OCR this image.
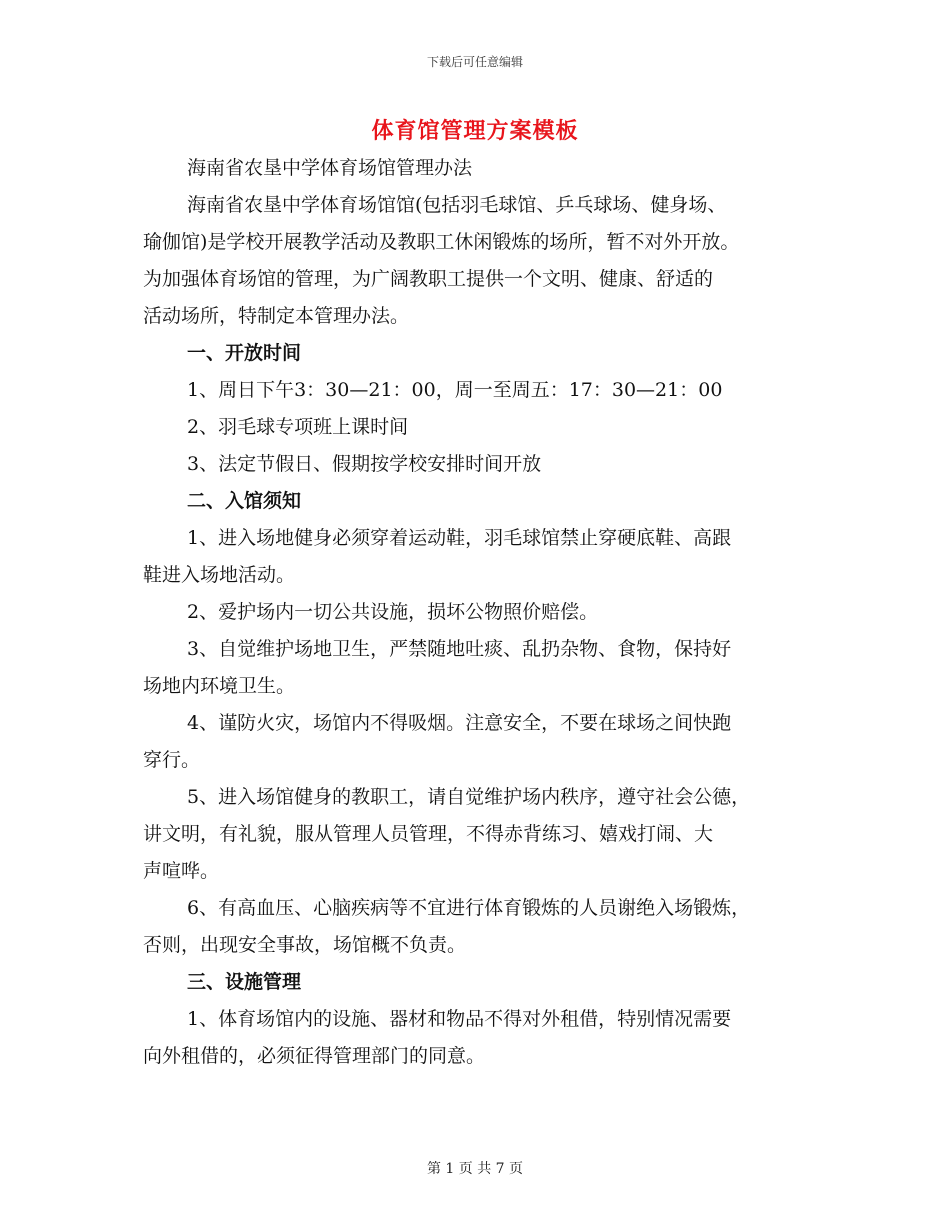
下载后可任意编辑
体育馆管理方案模板
海南省农垦中学体育场馆管理办法
海南省农垦中学体育场馆馆(包括羽毛球馆、乒乓球场、健身场、
瑜伽馆)是学校开展教学活动及教职工休闲锻炼的场所，暂不对外开放。
为加强体育场馆的管理，为广阔教职工提供一个文明、健康、舒适的
活动场所，特制定本管理办法。
一、开放时间
1、周日下午3：30—21：00，周一至周五：17：30—21：00
2、羽毛球专项班上课时间
3、法定节假日、假期按学校安排时间开放
二、入馆须知
1、进入场地健身必须穿着运动鞋，羽毛球馆禁止穿硬底鞋、高跟
鞋进入场地活动。
2、爱护场内一切公共设施，损坏公物照价赔偿。
3、自觉维护场地卫生，严禁随地吐痰、乱扔杂物、食物，保持好
场地内环境卫生。
4、谨防火灾，场馆内不得吸烟。注意安全，不要在球场之间快跑
穿行。
5、进入场馆健身的教职工，请自觉维护场内秩序，遵守社会公德，
讲文明，有礼貌，服从管理人员管理，不得赤背练习、嬉戏打闹、大
声喧哗。
6、有高血压、心脑疾病等不宜进行体育锻炼的人员谢绝入场锻炼，
否则，出现安全事故，场馆概不负责。
三、设施管理
1、体育场馆内的设施、器材和物品不得对外租借，特别情况需要
向外租借的，必须征得管理部门的同意。
第 1 页 共 7 页
